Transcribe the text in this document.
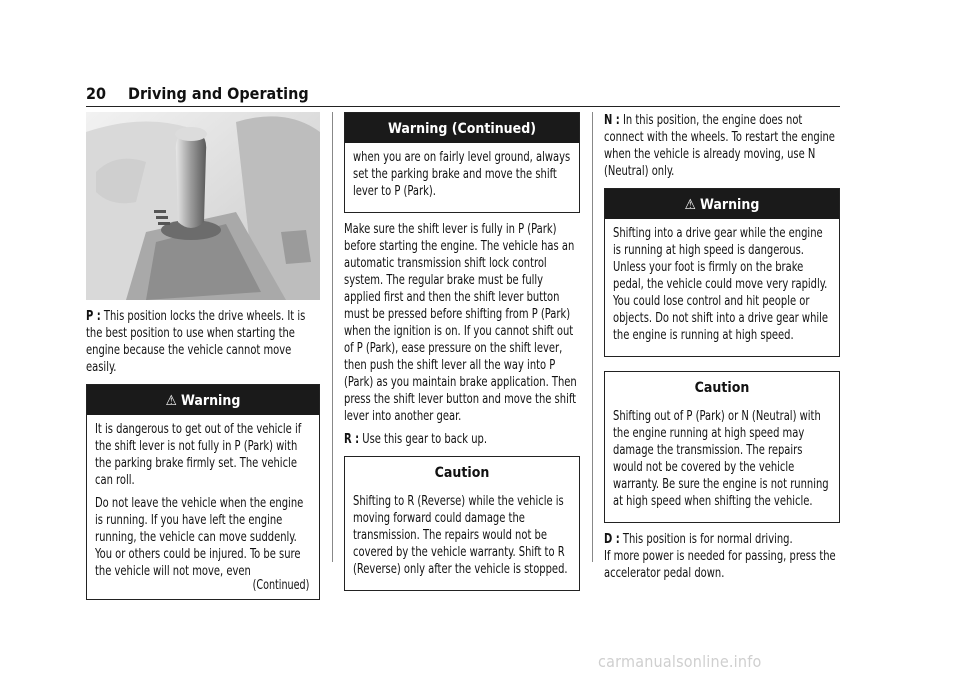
20 Driving and Operating

P : This position locks the drive wheels. It is the best position to use when starting the engine because the vehicle cannot move easily.

⚠ Warning

It is dangerous to get out of the vehicle if the shift lever is not fully in P (Park) with the parking brake firmly set. The vehicle can roll.

Do not leave the vehicle when the engine is running. If you have left the engine running, the vehicle can move suddenly. You or others could be injured. To be sure the vehicle will not move, even

(Continued)
Warning (Continued)

when you are on fairly level ground, always set the parking brake and move the shift lever to P (Park).

Make sure the shift lever is fully in P (Park) before starting the engine. The vehicle has an automatic transmission shift lock control system. The regular brake must be fully applied first and then the shift lever button must be pressed before shifting from P (Park) when the ignition is on. If you cannot shift out of P (Park), ease pressure on the shift lever, then push the shift lever all the way into P (Park) as you maintain brake application. Then press the shift lever button and move the shift lever into another gear.

R : Use this gear to back up.

Caution

Shifting to R (Reverse) while the vehicle is moving forward could damage the transmission. The repairs would not be covered by the vehicle warranty. Shift to R (Reverse) only after the vehicle is stopped.

N : In this position, the engine does not connect with the wheels. To restart the engine when the vehicle is already moving, use N (Neutral) only.

⚠ Warning

Shifting into a drive gear while the engine is running at high speed is dangerous. Unless your foot is firmly on the brake pedal, the vehicle could move very rapidly. You could lose control and hit people or objects. Do not shift into a drive gear while the engine is running at high speed.

Caution

Shifting out of P (Park) or N (Neutral) with the engine running at high speed may damage the transmission. The repairs would not be covered by the vehicle warranty. Be sure the engine is not running at high speed when shifting the vehicle.

D : This position is for normal driving.

If more power is needed for passing, press the accelerator pedal down.

carmanualsonline.info
